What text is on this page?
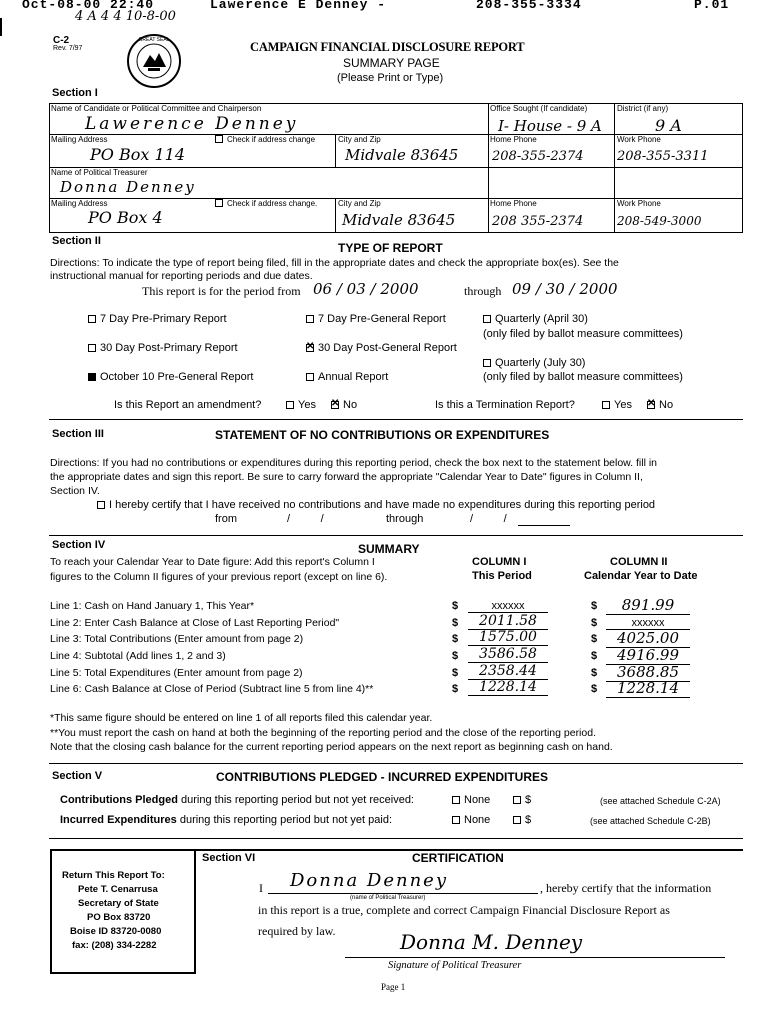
Oct-08-00 22:40	Lawerence E Denney -	208-355-3334	P.01
4 A 4 4 10-8-00
C-2
Rev. 7/97
GREAT SEAL	CAMPAIGN FINANCIAL DISCLOSURE REPORT
SUMMARY PAGE
(Please Print or Type)
Section I
Name of Candidate or Political Committee and Chairperson
Lawerence Denney
Office Sought (If candidate)
I- House - 9 A
District (if any)
9 A
Mailing Address	Check if address change
PO Box 114
City and Zip
Midvale 83645
Home Phone
208-355-2374
Work Phone
208-355-3311
Name of Political Treasurer
Donna Denney
Mailing Address	Check if address change.
PO Box 4
City and Zip
Midvale 83645
Home Phone
208 355-2374
Work Phone
208-549-3000
Section II	TYPE OF REPORT
Directions: To indicate the type of report being filed, fill in the appropriate dates and check the appropriate box(es). See the
instructional manual for reporting periods and due dates.
This report is for the period from 06 / 03 / 2000	through 09 / 30 / 2000
7 Day Pre-Primary Report
30 Day Post-Primary Report
October 10 Pre-General Report
7 Day Pre-General Report
✕30 Day Post-General Report
Annual Report
Quarterly (April 30)
(only filed by ballot measure committees)
Quarterly (July 30)
(only filed by ballot measure committees)
Is this Report an amendment?	Yes ✕	No	Is this a Termination Report?	Yes ✕	No
Section III	STATEMENT OF NO CONTRIBUTIONS OR EXPENDITURES
Directions: If you had no contributions or expenditures during this reporting period, check the box next to the statement below. fill in
the appropriate dates and sign this report. Be sure to carry forward the appropriate "Calendar Year to Date" figures in Column II,
Section IV.
I hereby certify that I have received no contributions and have made no expenditures during this reporting period
from	/          /	through	/          /
Section IV	SUMMARY
To reach your Calendar Year to Date figure: Add this report's Column I
figures to the Column II figures of your previous report (except on line 6).
COLUMN I
This Period
COLUMN II
Calendar Year to Date
Line 1: Cash on Hand January 1, This Year*	$	xxxxxx	$	891.99
Line 2: Enter Cash Balance at Close of Last Reporting Period"	$	2011.58	$	xxxxxx
Line 3: Total Contributions (Enter amount from page 2)	$	1575.00	$	4025.00
Line 4: Subtotal (Add lines 1, 2 and 3)	$	3586.58	$	4916.99
Line 5: Total Expenditures (Enter amount from page 2)	$	2358.44	$	3688.85
Line 6: Cash Balance at Close of Period (Subtract line 5 from line 4)**	$	1228.14	$	1228.14
*This same figure should be entered on line 1 of all reports filed this calendar year.
**You must report the cash on hand at both the beginning of the reporting period and the close of the reporting period.
Note that the closing cash balance for the current reporting period appears on the next report as beginning cash on hand.
Section V	CONTRIBUTIONS PLEDGED - INCURRED EXPENDITURES
Contributions Pledged during this reporting period but not yet received:
Incurred Expenditures during this reporting period but not yet paid:
None	$	(see attached Schedule C-2A)
None	$	(see attached Schedule C-2B)
Return This Report To:
Pete T. Cenarrusa
Secretary of State
PO Box 83720
Boise ID 83720-0080
fax: (208) 334-2282
Section VI	CERTIFICATION
I Donna Denney
(name of Political Treasurer)
, hereby certify that the information
in this report is a true, complete and correct Campaign Financial Disclosure Report as
required by law.	Donna M. Denney
Signature of Political Treasurer
Page 1
